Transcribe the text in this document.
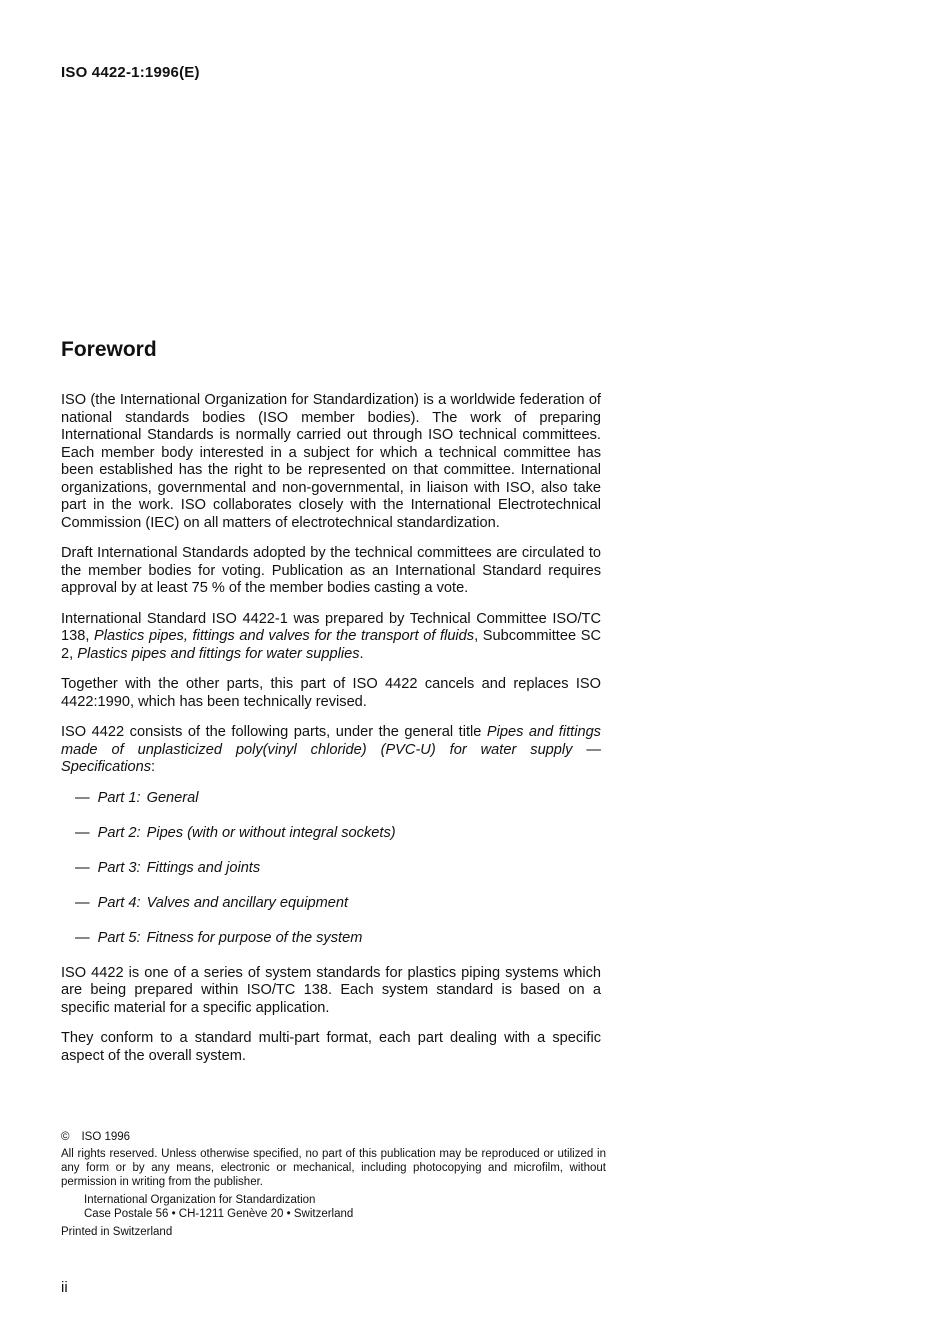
ISO 4422-1:1996(E)
Foreword

ISO (the International Organization for Standardization) is a worldwide federation of national standards bodies (ISO member bodies). The work of preparing International Standards is normally carried out through ISO technical committees. Each member body interested in a subject for which a technical committee has been established has the right to be represented on that committee. International organizations, governmental and non-governmental, in liaison with ISO, also take part in the work. ISO collaborates closely with the International Electrotechnical Commission (IEC) on all matters of electrotechnical standardization.

Draft International Standards adopted by the technical committees are circulated to the member bodies for voting. Publication as an International Standard requires approval by at least 75 % of the member bodies casting a vote.

International Standard ISO 4422-1 was prepared by Technical Committee ISO/TC 138, Plastics pipes, fittings and valves for the transport of fluids, Subcommittee SC 2, Plastics pipes and fittings for water supplies.

Together with the other parts, this part of ISO 4422 cancels and replaces ISO 4422:1990, which has been technically revised.

ISO 4422 consists of the following parts, under the general title Pipes and fittings made of unplasticized poly(vinyl chloride) (PVC-U) for water supply — Specifications:

— Part 1: General
— Part 2: Pipes (with or without integral sockets)
— Part 3: Fittings and joints
— Part 4: Valves and ancillary equipment
— Part 5: Fitness for purpose of the system

ISO 4422 is one of a series of system standards for plastics piping systems which are being prepared within ISO/TC 138. Each system standard is based on a specific material for a specific application.

They conform to a standard multi-part format, each part dealing with a specific aspect of the overall system.

© ISO 1996

All rights reserved. Unless otherwise specified, no part of this publication may be reproduced or utilized in any form or by any means, electronic or mechanical, including photocopying and microfilm, without permission in writing from the publisher.

International Organization for Standardization

Case Postale 56 • CH-1211 Genève 20 • Switzerland

Printed in Switzerland

ii
